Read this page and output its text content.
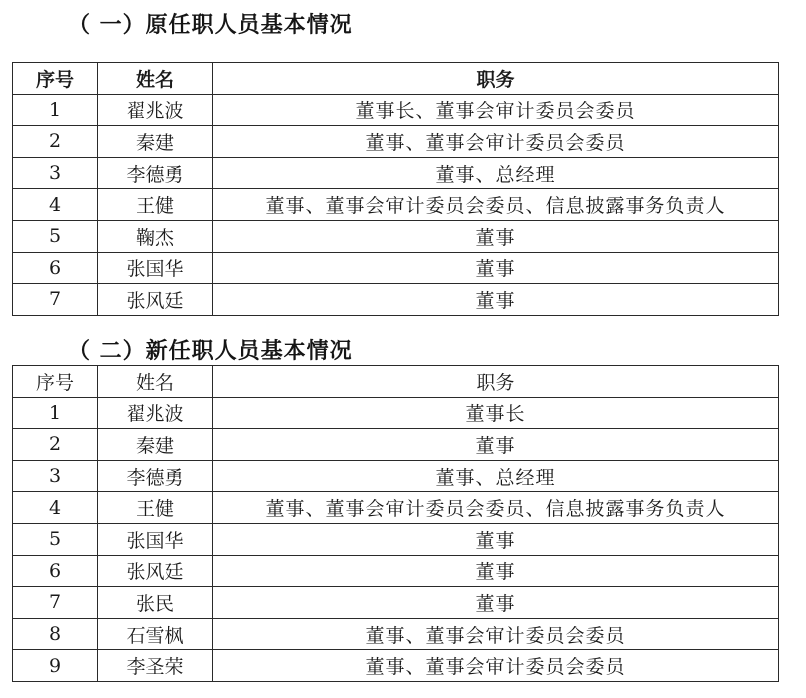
（ 一）原任职人员基本情况
序号	姓名	职务
1	翟兆波	董事长、董事会审计委员会委员
2	秦建	董事、董事会审计委员会委员
3	李德勇	董事、总经理
4	王健	董事、董事会审计委员会委员、信息披露事务负责人
5	鞠杰	董事
6	张国华	董事
7	张风廷	董事
（ 二）新任职人员基本情况
序号	姓名	职务
1	翟兆波	董事长
2	秦建	董事
3	李德勇	董事、总经理
4	王健	董事、董事会审计委员会委员、信息披露事务负责人
5	张国华	董事
6	张风廷	董事
7	张民	董事
8	石雪枫	董事、董事会审计委员会委员
9	李圣荣	董事、董事会审计委员会委员
